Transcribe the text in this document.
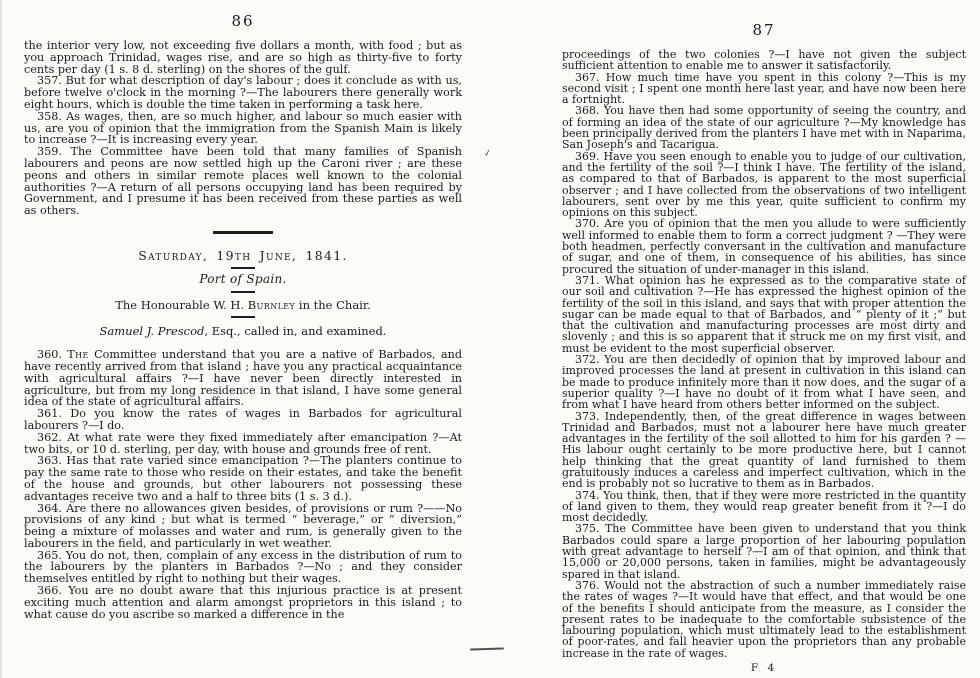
86

the interior very low, not exceeding five dollars a month, with food ; but as you approach Trinidad, wages rise, and are so high as thirty-five to forty cents per day (1 s. 8 d. sterling) on the shores of the gulf.

357. But for what description of day's labour ; does it conclude as with us, before twelve o'clock in the morning ?—The labourers there generally work eight hours, which is double the time taken in performing a task here.

358. As wages, then, are so much higher, and labour so much easier with us, are you of opinion that the immigration from the Spanish Main is likely to increase ?—It is increasing every year.

359. The Committee have been told that many families of Spanish labourers and peons are now settled high up the Caroni river ; are these peons and others in similar remote places well known to the colonial authorities ?—A return of all persons occupying land has been required by Government, and I presume it has been received from these parties as well as others.

Saturday, 19th June, 1841.
Port of Spain.
The Honourable W. H. Burnley in the Chair.
Samuel J. Prescod, Esq., called in, and examined.

360. The Committee understand that you are a native of Barbados, and have recently arrived from that island ; have you any practical acquaintance with agricultural affairs ?—I have never been directly interested in agriculture, but from my long residence in that island, I have some general idea of the state of agricultural affairs.

361. Do you know the rates of wages in Barbados for agricultural labourers ?—I do.

362. At what rate were they fixed immediately after emancipation ?—At two bits, or 10 d. sterling, per day, with house and grounds free of rent.

363. Has that rate varied since emancipation ?—The planters continue to pay the same rate to those who reside on their estates, and take the benefit of the house and grounds, but other labourers not possessing these advantages receive two and a half to three bits (1 s. 3 d.).

364. Are there no allowances given besides, of provisions or rum ?——No provisions of any kind ; but what is termed “ beverage,” or “ diversion,” being a mixture of molasses and water and rum, is generally given to the labourers in the field, and particularly in wet weather.

365. You do not, then, complain of any excess in the distribution of rum to the labourers by the planters in Barbados ?—No ; and they consider themselves entitled by right to nothing but their wages.

366. You are no doubt aware that this injurious practice is at present exciting much attention and alarm amongst proprietors in this island ; to what cause do you ascribe so marked a difference in the

87

proceedings of the two colonies ?—I have not given the subject sufficient attention to enable me to answer it satisfactorily.

367. How much time have you spent in this colony ?—This is my second visit ; I spent one month here last year, and have now been here a fortnight.

368. You have then had some opportunity of seeing the country, and of forming an idea of the state of our agriculture ?—My knowledge has been principally derived from the planters I have met with in Naparima, San Joseph's and Tacarigua.

369. Have you seen enough to enable you to judge of our cultivation, and the fertility of the soil ?—I think I have. The fertility of the island, as compared to that of Barbados, is apparent to the most superficial observer ; and I have collected from the observations of two intelligent labourers, sent over by me this year, quite sufficient to confirm my opinions on this subject.

370. Are you of opinion that the men you allude to were sufficiently well informed to enable them to form a correct judgment ? —They were both headmen, perfectly conversant in the cultivation and manufacture of sugar, and one of them, in consequence of his abilities, has since procured the situation of under-manager in this island.

371. What opinion has he expressed as to the comparative state of our soil and cultivation ?—He has expressed the highest opinion of the fertility of the soil in this island, and says that with proper attention the sugar can be made equal to that of Barbados, and “ plenty of it ;” but that the cultivation and manufacturing processes are most dirty and slovenly ; and this is so apparent that it struck me on my first visit, and must be evident to the most superficial observer.

372. You are then decidedly of opinion that by improved labour and improved processes the land at present in cultivation in this island can be made to produce infinitely more than it now does, and the sugar of a superior quality ?—I have no doubt of it from what I have seen, and from what I have heard from others better informed on the subject.

373. Independently, then, of the great difference in wages between Trinidad and Barbados, must not a labourer here have much greater advantages in the fertility of the soil allotted to him for his garden ? —His labour ought certainly to be more productive here, but I cannot help thinking that the great quantity of land furnished to them gratuitously induces a careless and imperfect cultivation, which in the end is probably not so lucrative to them as in Barbados.

374. You think, then, that if they were more restricted in the quantity of land given to them, they would reap greater benefit from it ?—I do most decidedly.

375. The Committee have been given to understand that you think Barbados could spare a large proportion of her labouring population with great advantage to herself ?—I am of that opinion, and think that 15,000 or 20,000 persons, taken in families, might be advantageously spared in that island.

376. Would not the abstraction of such a number immediately raise the rates of wages ?—It would have that effect, and that would be one of the benefits I should anticipate from the measure, as I consider the present rates to be inadequate to the comfortable subsistence of the labouring population, which must ultimately lead to the establishment of poor-rates, and fall heavier upon the proprietors than any probable increase in the rate of wages.

F 4
✓
